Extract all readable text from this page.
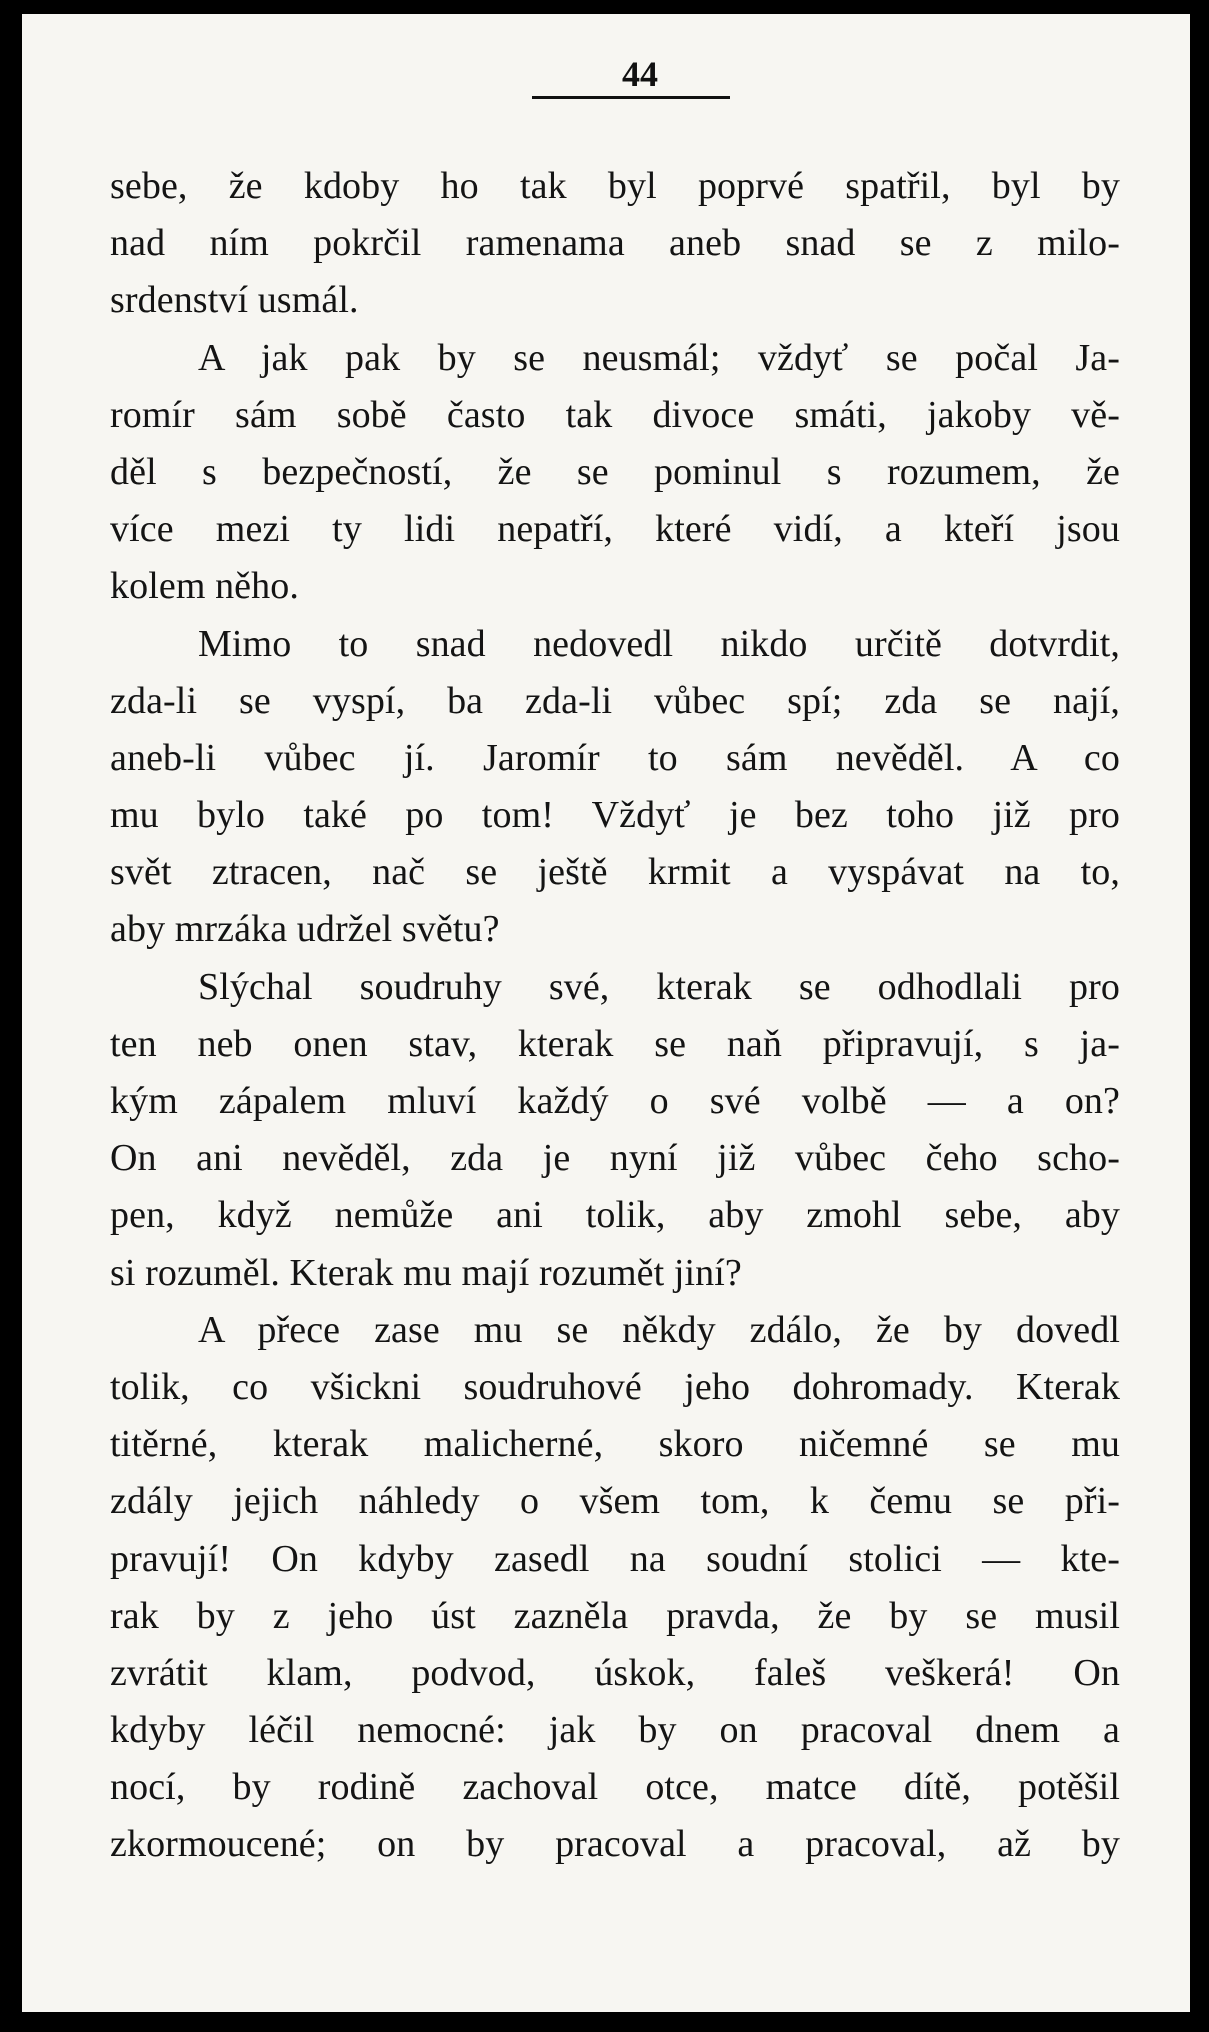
44
sebe, že kdoby ho tak byl poprvé spatřil, byl by
nad ním pokrčil ramenama aneb snad se z milo-
srdenství usmál.
A jak pak by se neusmál; vždyť se počal Ja-
romír sám sobě často tak divoce smáti, jakoby vě-
děl s bezpečností, že se pominul s rozumem, že
více mezi ty lidi nepatří, které vidí, a kteří jsou
kolem něho.
Mimo to snad nedovedl nikdo určitě dotvrdit,
zda-li se vyspí, ba zda-li vůbec spí; zda se nají,
aneb-li vůbec jí. Jaromír to sám nevěděl. A co
mu bylo také po tom! Vždyť je bez toho již pro
svět ztracen, nač se ještě krmit a vyspávat na to,
aby mrzáka udržel světu?
Slýchal soudruhy své, kterak se odhodlali pro
ten neb onen stav, kterak se naň připravují, s ja-
kým zápalem mluví každý o své volbě — a on?
On ani nevěděl, zda je nyní již vůbec čeho scho-
pen, když nemůže ani tolik, aby zmohl sebe, aby
si rozuměl. Kterak mu mají rozumět jiní?
A přece zase mu se někdy zdálo, že by dovedl
tolik, co všickni soudruhové jeho dohromady. Kterak
titěrné, kterak malicherné, skoro ničemné se mu
zdály jejich náhledy o všem tom, k čemu se při-
pravují! On kdyby zasedl na soudní stolici — kte-
rak by z jeho úst zazněla pravda, že by se musil
zvrátit klam, podvod, úskok, faleš veškerá! On
kdyby léčil nemocné: jak by on pracoval dnem a
nocí, by rodině zachoval otce, matce dítě, potěšil
zkormoucené; on by pracoval a pracoval, až by
